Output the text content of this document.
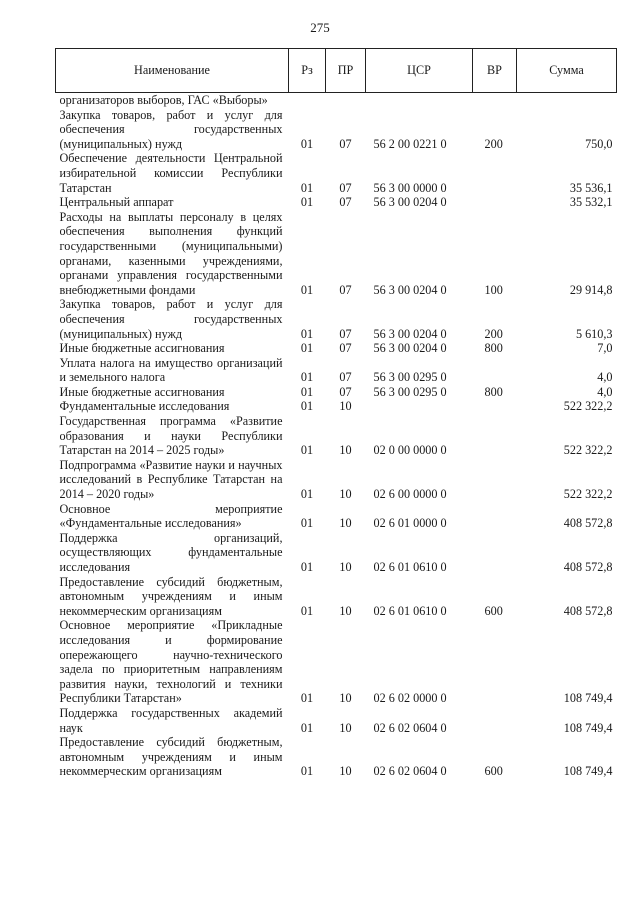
275
Наименование	Рз	ПР	ЦСР	ВР	Сумма
организаторов выборов, ГАС «Выборы»					
Закупка товаров, работ и услуг для обеспечения государственных (муниципальных) нужд	01	07	56 2 00 0221 0	200	750,0
Обеспечение деятельности Центральной избирательной комиссии Республики Татарстан	01	07	56 3 00 0000 0		35 536,1
Центральный аппарат	01	07	56 3 00 0204 0		35 532,1
Расходы на выплаты персоналу в целях обеспечения выполнения функций государственными (муниципальными) органами, казенными учреждениями, органами управления государственными внебюджетными фондами	01	07	56 3 00 0204 0	100	29 914,8
Закупка товаров, работ и услуг для обеспечения государственных (муниципальных) нужд	01	07	56 3 00 0204 0	200	5 610,3
Иные бюджетные ассигнования	01	07	56 3 00 0204 0	800	7,0
Уплата налога на имущество организаций и земельного налога	01	07	56 3 00 0295 0		4,0
Иные бюджетные ассигнования	01	07	56 3 00 0295 0	800	4,0
Фундаментальные исследования	01	10			522 322,2
Государственная программа «Развитие образования и науки Республики Татарстан на 2014 – 2025 годы»	01	10	02 0 00 0000 0		522 322,2
Подпрограмма «Развитие науки и научных исследований в Республике Татарстан на 2014 – 2020 годы»	01	10	02 6 00 0000 0		522 322,2
Основное мероприятие «Фундаментальные исследования»	01	10	02 6 01 0000 0		408 572,8
Поддержка организаций, осуществляющих фундаментальные исследования	01	10	02 6 01 0610 0		408 572,8
Предоставление субсидий бюджетным, автономным учреждениям и иным некоммерческим организациям	01	10	02 6 01 0610 0	600	408 572,8
Основное мероприятие «Прикладные исследования и формирование опережающего научно-технического задела по приоритетным направлениям развития науки, технологий и техники Республики Татарстан»	01	10	02 6 02 0000 0		108 749,4
Поддержка государственных академий наук	01	10	02 6 02 0604 0		108 749,4
Предоставление субсидий бюджетным, автономным учреждениям и иным некоммерческим организациям	01	10	02 6 02 0604 0	600	108 749,4
